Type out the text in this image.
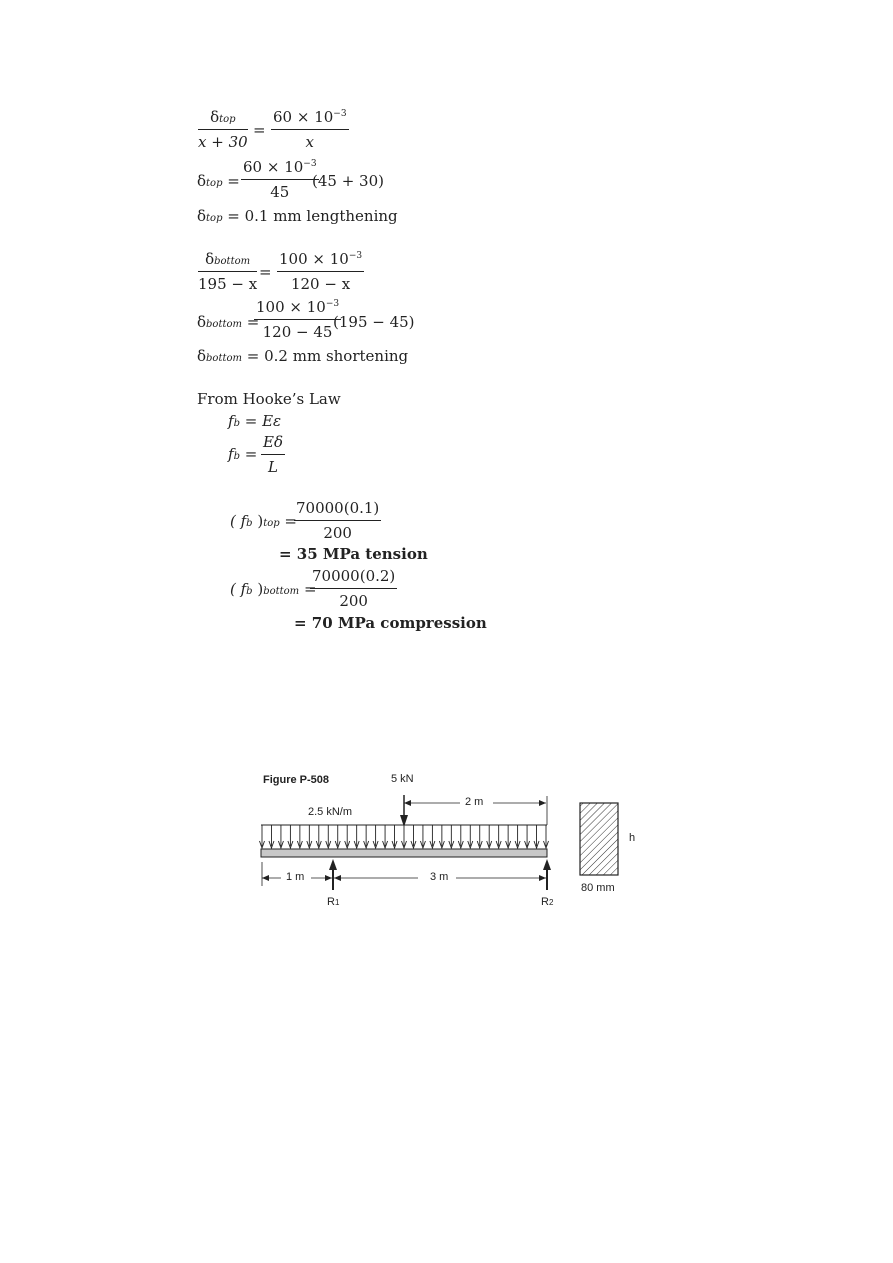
δtop
x + 30
= $\frac{60 \times 10^{-3}}{x}$
$\delta top = \frac{60 \times 10^{-3}}{45}$
(45 + 30)
δtop = 0.1 mm lengthening
δbottom
195 − x
= $\frac{100 \times 10^{-3}}{120 - x}$
δbottom =
$\frac{100 \times 10^{-3}}{120 - 45}$
(195 − 45)
δbottom = 0.2 mm shortening
From Hooke’s Law
fb = Eε
fb = $\frac{E\delta}{L}$
( fb )top =
$\frac{70000(0.1)}{200}$
= 35 MPa tension
( fb )bottom =
$\frac{70000(0.2)}{200}$
= 70 MPa compression
Figure P-508	5 kN
2 m
2.5 kN/m
1 m	3 m
R1	R2
h
80 mm
